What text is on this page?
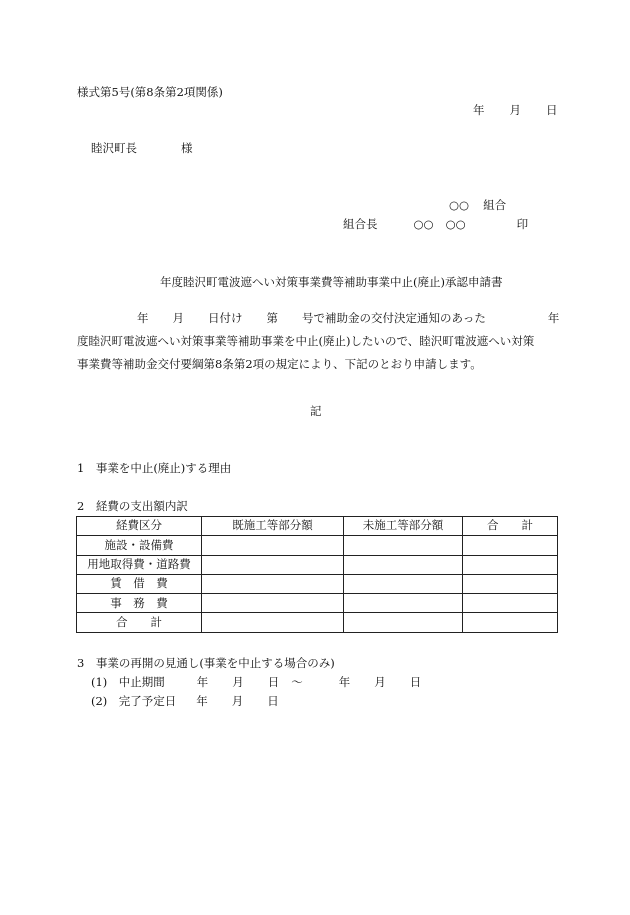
様式第5号(第8条第2項関係)
年 月 日
睦沢町長	様
○○ 組合
組合長	○○ ○○	印
年度睦沢町電波遮へい対策事業費等補助事業中止(廃止)承認申請書
年 月 日付け 第 号で補助金の交付決定通知のあった	年
度睦沢町電波遮へい対策事業等補助事業を中止(廃止)したいので、睦沢町電波遮へい対策
事業費等補助金交付要綱第8条第2項の規定により、下記のとおり申請します。
記
1　事業を中止(廃止)する理由
2　経費の支出額内訳
経費区分	既施工等部分額	未施工等部分額	合　　計
施設・設備費			
用地取得費・道路費			
賃　借　費			
事　務　費			
合　　計			
3　事業の再開の見通し(事業を中止する場合のみ)
(1)　中止期間	年 月 日 ～	年 月 日
(2)　完了予定日 年 月 日
